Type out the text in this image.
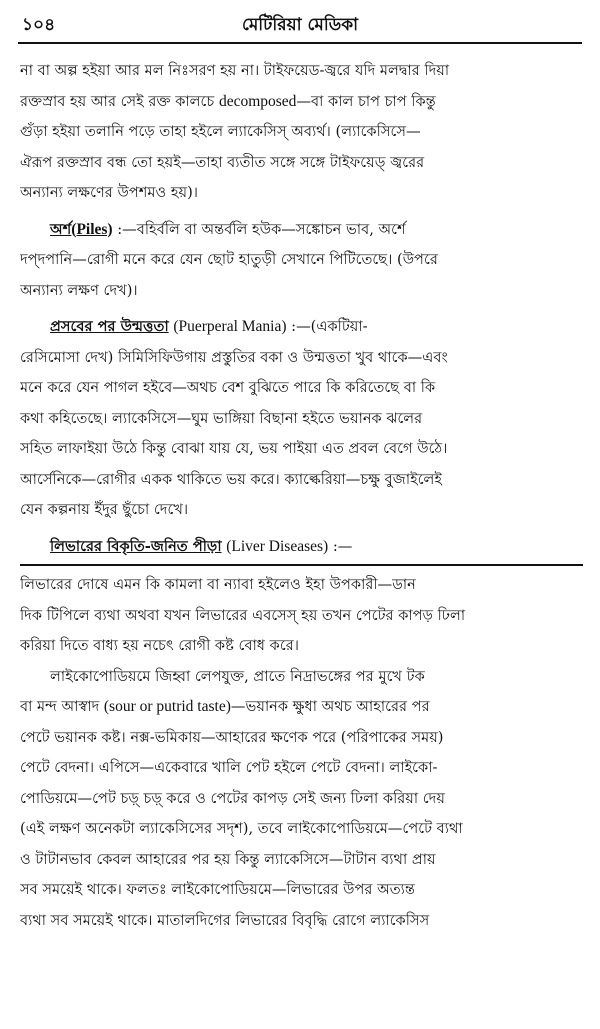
১০৪	মেটিরিয়া মেডিকা

না বা অল্প হইয়া আর মল নিঃসরণ হয় না। টাইফয়েড-জ্বরে যদি মলদ্বার দিয়া

রক্তস্রাব হয় আর সেই রক্ত কালচে decomposed—বা কাল চাপ চাপ কিন্তু

গুঁড়া হইয়া তলানি পড়ে তাহা হইলে ল্যাকেসিস্ অব্যর্থ। (ল্যাকেসিসে—

ঐরূপ রক্তস্রাব বন্ধ তো হয়ই—তাহা ব্যতীত সঙ্গে সঙ্গে টাইফয়েড্ জ্বরের

অন্যান্য লক্ষণের উপশমও হয়)।

অর্শ(Piles) :—বহির্বলি বা অন্তর্বলি হউক—সঙ্কোচন ভাব, অর্শে

দপ্দপানি—রোগী মনে করে যেন ছোট হাতুড়ী সেখানে পিটিতেছে। (উপরে

অন্যান্য লক্ষণ দেখ)।

প্রসবের পর উন্মত্ততা (Puerperal Mania) :—(একটিয়া-

রেসিমোসা দেখ) সিমিসিফিউগায় প্রস্তুতির বকা ও উন্মত্ততা খুব থাকে—এবং

মনে করে যেন পাগল হইবে—অথচ বেশ বুঝিতে পারে কি করিতেছে বা কি

কথা কহিতেছে। ল্যাকেসিসে—ঘুম ভাঙ্গিয়া বিছানা হইতে ভয়ানক ঝলের

সহিত লাফাইয়া উঠে কিন্তু বোঝা যায় যে, ভয় পাইয়া এত প্রবল বেগে উঠে।

আর্সেনিকে—রোগীর একক থাকিতে ভয় করে। ক্যাল্কেরিয়া—চক্ষু বুজাইলেই

যেন কল্পনায় ইঁদুর ছুঁচো দেখে।

লিভারের বিকৃতি-জনিত পীড়া (Liver Diseases) :—

লিভারের দোষে এমন কি কামলা বা ন্যাবা হইলেও ইহা উপকারী—ডান

দিক টিপিলে ব্যথা অথবা যখন লিভারের এবসেস্ হয় তখন পেটের কাপড় ঢিলা

করিয়া দিতে বাধ্য হয় নচেৎ রোগী কষ্ট বোধ করে।

লাইকোপোডিয়মে জিহ্বা লেপযুক্ত, প্রাতে নিদ্রাভঙ্গের পর মুখে টক

বা মন্দ আস্বাদ (sour or putrid taste)—ভয়ানক ক্ষুধা অথচ আহারের পর

পেটে ভয়ানক কষ্ট। নক্স-ভমিকায়—আহারের ক্ষণেক পরে (পরিপাকের সময়)

পেটে বেদনা। এপিসে—একেবারে খালি পেট হইলে পেটে বেদনা। লাইকো-

পোডিয়মে—পেট চড়্ চড়্ করে ও পেটের কাপড় সেই জন্য ঢিলা করিয়া দেয়

(এই লক্ষণ অনেকটা ল্যাকেসিসের সদৃশ), তবে লাইকোপোডিয়মে—পেটে ব্যথা

ও টাটানভাব কেবল আহারের পর হয় কিন্তু ল্যাকেসিসে—টাটান ব্যথা প্রায়

সব সময়েই থাকে। ফলতঃ লাইকোপোডিয়মে—লিভারের উপর অত্যন্ত

ব্যথা সব সময়েই থাকে। মাতালদিগের লিভারের বিবৃদ্ধি রোগে ল্যাকেসিস
